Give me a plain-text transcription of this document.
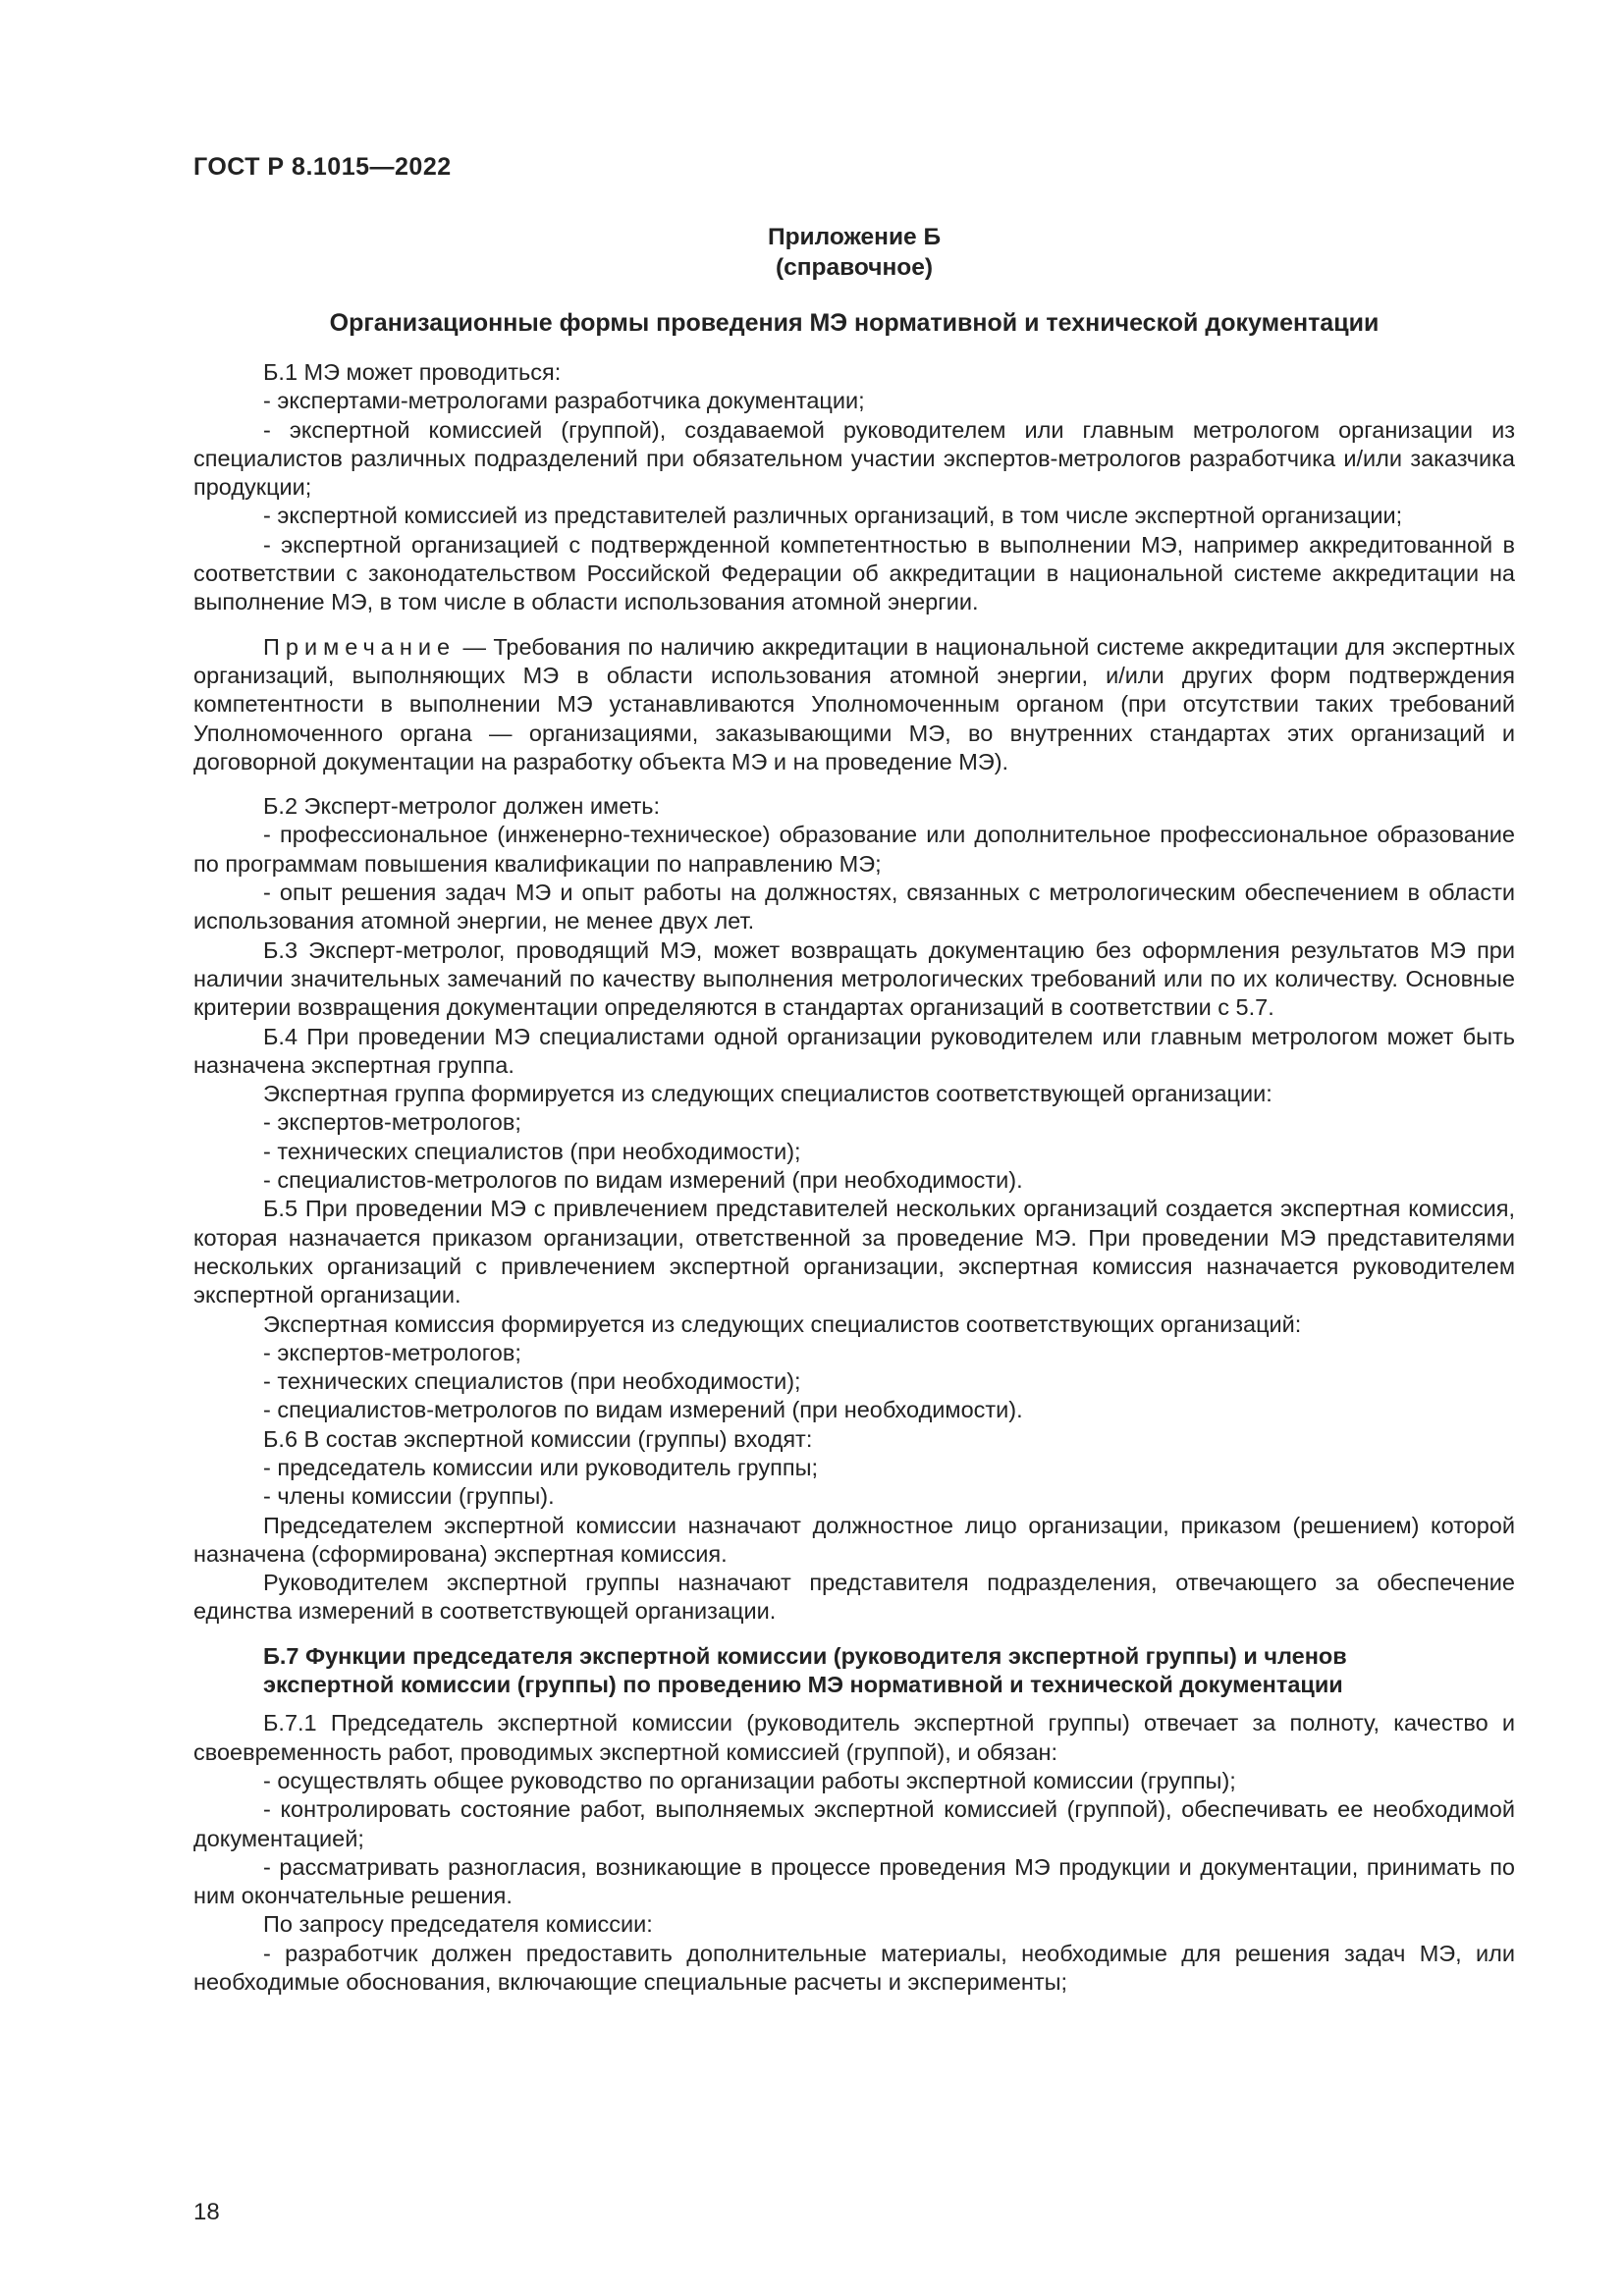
ГОСТ Р 8.1015—2022
Приложение Б
(справочное)
Организационные формы проведения МЭ нормативной и технической документации

Б.1 МЭ может проводиться:

- экспертами-метрологами разработчика документации;

- экспертной комиссией (группой), создаваемой руководителем или главным метрологом организации из специалистов различных подразделений при обязательном участии экспертов-метрологов разработчика и/или заказчика продукции;

- экспертной комиссией из представителей различных организаций, в том числе экспертной организации;

- экспертной организацией с подтвержденной компетентностью в выполнении МЭ, например аккредитованной в соответствии с законодательством Российской Федерации об аккредитации в национальной системе аккредитации на выполнение МЭ, в том числе в области использования атомной энергии.

Примечание — Требования по наличию аккредитации в национальной системе аккредитации для экспертных организаций, выполняющих МЭ в области использования атомной энергии, и/или других форм подтверждения компетентности в выполнении МЭ устанавливаются Уполномоченным органом (при отсутствии таких требований Уполномоченного органа — организациями, заказывающими МЭ, во внутренних стандартах этих организаций и договорной документации на разработку объекта МЭ и на проведение МЭ).

Б.2 Эксперт-метролог должен иметь:

- профессиональное (инженерно-техническое) образование или дополнительное профессиональное образование по программам повышения квалификации по направлению МЭ;

- опыт решения задач МЭ и опыт работы на должностях, связанных с метрологическим обеспечением в области использования атомной энергии, не менее двух лет.

Б.3 Эксперт-метролог, проводящий МЭ, может возвращать документацию без оформления результатов МЭ при наличии значительных замечаний по качеству выполнения метрологических требований или по их количеству. Основные критерии возвращения документации определяются в стандартах организаций в соответствии с 5.7.

Б.4 При проведении МЭ специалистами одной организации руководителем или главным метрологом может быть назначена экспертная группа.

Экспертная группа формируется из следующих специалистов соответствующей организации:

- экспертов-метрологов;

- технических специалистов (при необходимости);

- специалистов-метрологов по видам измерений (при необходимости).

Б.5 При проведении МЭ с привлечением представителей нескольких организаций создается экспертная комиссия, которая назначается приказом организации, ответственной за проведение МЭ. При проведении МЭ представителями нескольких организаций с привлечением экспертной организации, экспертная комиссия назначается руководителем экспертной организации.

Экспертная комиссия формируется из следующих специалистов соответствующих организаций:

- экспертов-метрологов;

- технических специалистов (при необходимости);

- специалистов-метрологов по видам измерений (при необходимости).

Б.6 В состав экспертной комиссии (группы) входят:

- председатель комиссии или руководитель группы;

- члены комиссии (группы).

Председателем экспертной комиссии назначают должностное лицо организации, приказом (решением) которой назначена (сформирована) экспертная комиссия.

Руководителем экспертной группы назначают представителя подразделения, отвечающего за обеспечение единства измерений в соответствующей организации.

Б.7 Функции председателя экспертной комиссии (руководителя экспертной группы) и членов
экспертной комиссии (группы) по проведению МЭ нормативной и технической документации

Б.7.1 Председатель экспертной комиссии (руководитель экспертной группы) отвечает за полноту, качество и своевременность работ, проводимых экспертной комиссией (группой), и обязан:

- осуществлять общее руководство по организации работы экспертной комиссии (группы);

- контролировать состояние работ, выполняемых экспертной комиссией (группой), обеспечивать ее необходимой документацией;

- рассматривать разногласия, возникающие в процессе проведения МЭ продукции и документации, принимать по ним окончательные решения.

По запросу председателя комиссии:

- разработчик должен предоставить дополнительные материалы, необходимые для решения задач МЭ, или необходимые обоснования, включающие специальные расчеты и эксперименты;

18
